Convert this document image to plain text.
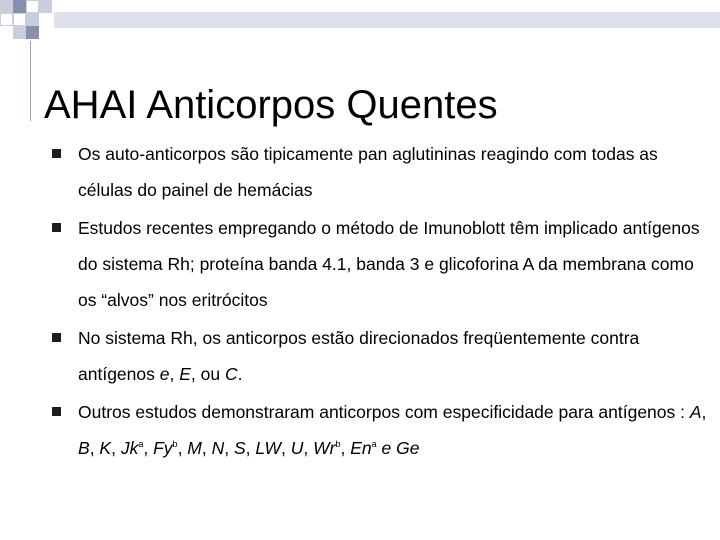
AHAI Anticorpos Quentes
Os auto-anticorpos são tipicamente pan aglutininas reagindo com todas as células do painel de hemácias
Estudos recentes empregando o método de Imunoblott têm implicado antígenos do sistema Rh; proteína banda 4.1, banda 3 e glicoforina A da membrana como os “alvos” nos eritrócitos
No sistema Rh, os anticorpos estão direcionados freqüentemente contra antígenos e, E, ou C.
Outros estudos demonstraram anticorpos com especificidade para antígenos : A, B, K, Jk$^a$, Fy$^b$, M, N, S, LW, U, Wr$^b$, En$^a$ e Ge
